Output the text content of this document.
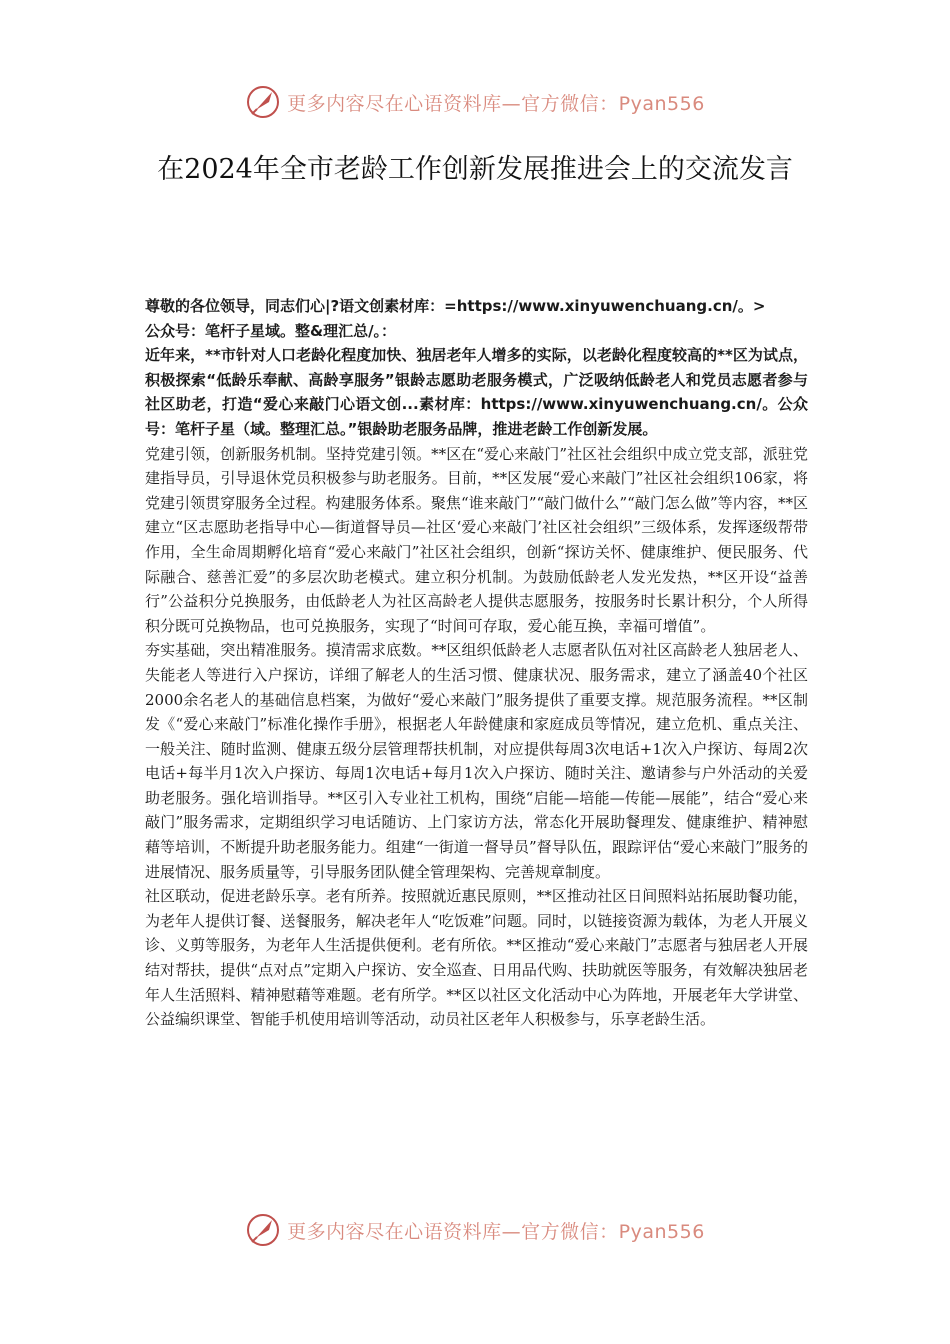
更多内容尽在心语资料库—官方微信：Pyan556
在2024年全市老龄工作创新发展推进会上的交流发言

尊敬的各位领导，同志们心|?语文创素材库：=https://www.xinyuwenchuang.cn/。>

公众号：笔杆子星域。整&理汇总/。：

近年来，**市针对人口老龄化程度加快、独居老年人增多的实际，以老龄化程度较高的**区为试点，积极探索“低龄乐奉献、高龄享服务”银龄志愿助老服务模式，广泛吸纳低龄老人和党员志愿者参与社区助老，打造“爱心来敲门心语文创...素材库：https://www.xinyuwenchuang.cn/。公众号：笔杆子星（域。整理汇总。”银龄助老服务品牌，推进老龄工作创新发展。

党建引领，创新服务机制。坚持党建引领。**区在“爱心来敲门”社区社会组织中成立党支部，派驻党建指导员，引导退休党员积极参与助老服务。目前，**区发展“爱心来敲门”社区社会组织106家，将党建引领贯穿服务全过程。构建服务体系。聚焦“谁来敲门”“敲门做什么”“敲门怎么做”等内容，**区建立“区志愿助老指导中心—街道督导员—社区‘爱心来敲门’社区社会组织”三级体系，发挥逐级帮带作用，全生命周期孵化培育“爱心来敲门”社区社会组织，创新“探访关怀、健康维护、便民服务、代际融合、慈善汇爱”的多层次助老模式。建立积分机制。为鼓励低龄老人发光发热，**区开设“益善行”公益积分兑换服务，由低龄老人为社区高龄老人提供志愿服务，按服务时长累计积分，个人所得积分既可兑换物品，也可兑换服务，实现了“时间可存取，爱心能互换，幸福可增值”。

夯实基础，突出精准服务。摸清需求底数。**区组织低龄老人志愿者队伍对社区高龄老人独居老人、失能老人等进行入户探访，详细了解老人的生活习惯、健康状况、服务需求，建立了涵盖40个社区2000余名老人的基础信息档案，为做好“爱心来敲门”服务提供了重要支撑。规范服务流程。**区制发《“爱心来敲门”标准化操作手册》，根据老人年龄健康和家庭成员等情况，建立危机、重点关注、一般关注、随时监测、健康五级分层管理帮扶机制，对应提供每周3次电话+1次入户探访、每周2次电话+每半月1次入户探访、每周1次电话+每月1次入户探访、随时关注、邀请参与户外活动的关爱助老服务。强化培训指导。**区引入专业社工机构，围绕“启能—培能—传能—展能”，结合“爱心来敲门”服务需求，定期组织学习电话随访、上门家访方法，常态化开展助餐理发、健康维护、精神慰藉等培训，不断提升助老服务能力。组建“一街道一督导员”督导队伍，跟踪评估“爱心来敲门”服务的进展情况、服务质量等，引导服务团队健全管理架构、完善规章制度。

社区联动，促进老龄乐享。老有所养。按照就近惠民原则，**区推动社区日间照料站拓展助餐功能，为老年人提供订餐、送餐服务，解决老年人“吃饭难”问题。同时，以链接资源为载体，为老人开展义诊、义剪等服务，为老年人生活提供便利。老有所依。**区推动“爱心来敲门”志愿者与独居老人开展结对帮扶，提供“点对点”定期入户探访、安全巡查、日用品代购、扶助就医等服务，有效解决独居老年人生活照料、精神慰藉等难题。老有所学。**区以社区文化活动中心为阵地，开展老年大学讲堂、公益编织课堂、智能手机使用培训等活动，动员社区老年人积极参与，乐享老龄生活。

更多内容尽在心语资料库—官方微信：Pyan556
